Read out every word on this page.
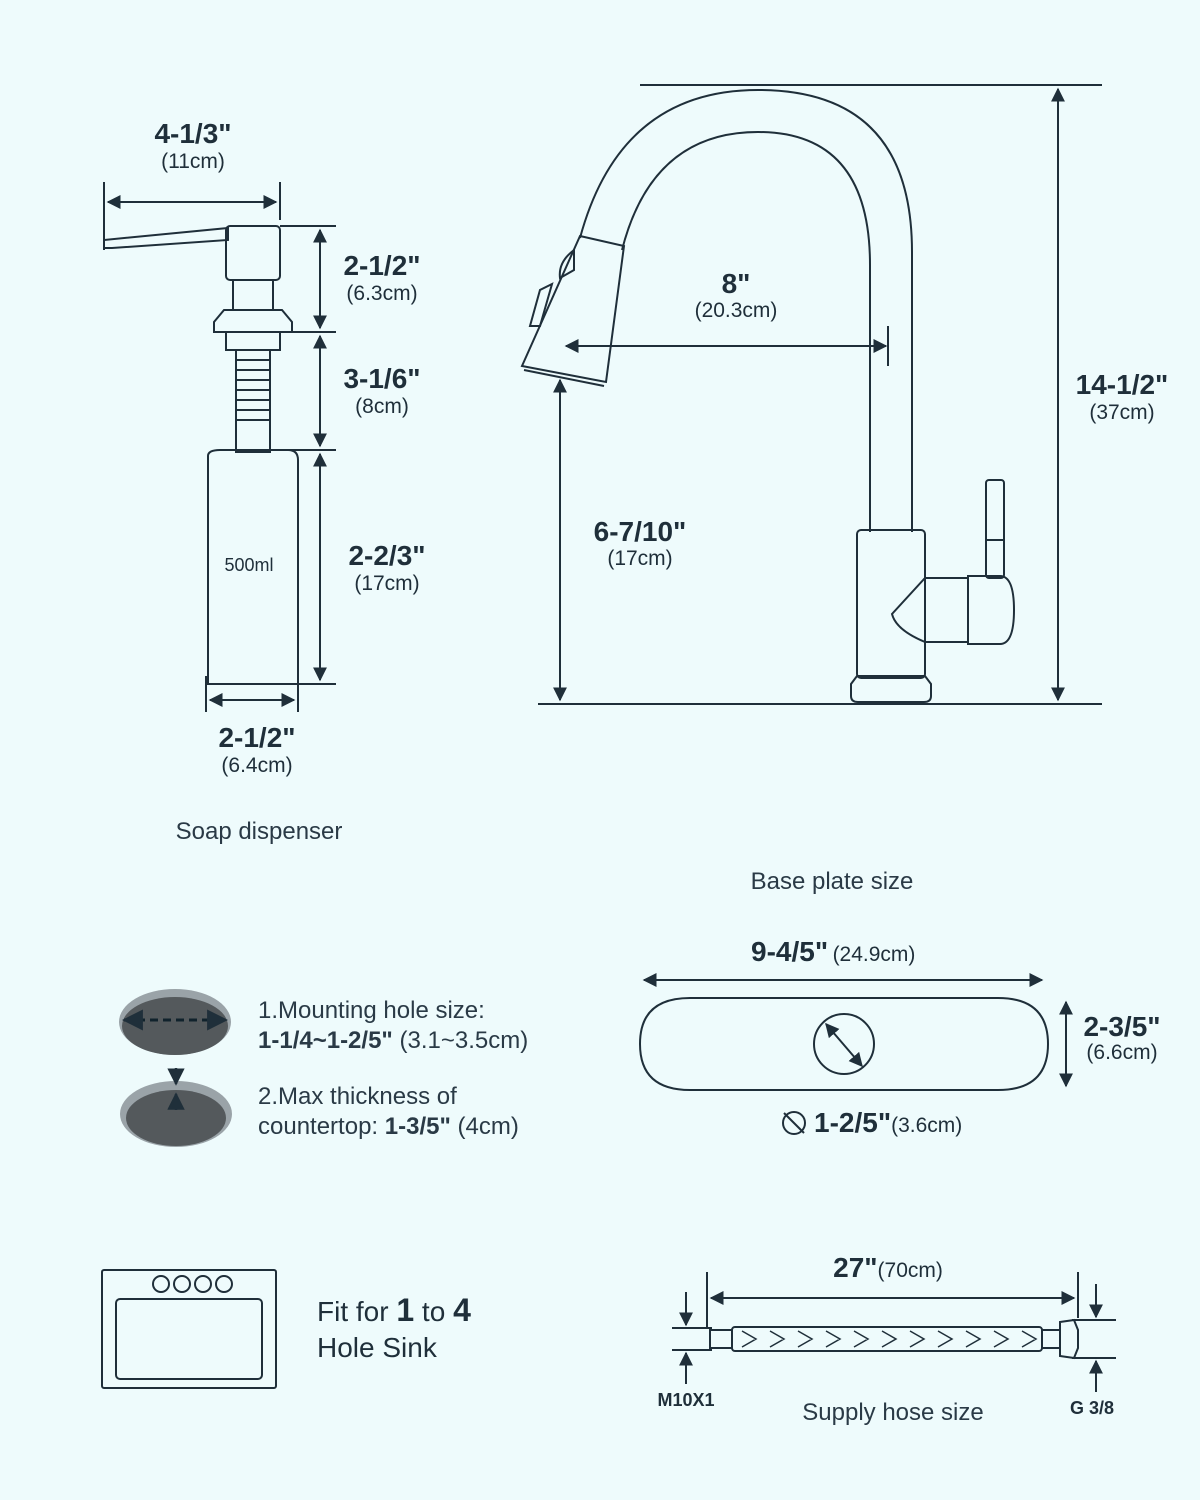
4-1/3"
(11cm)
2-1/2"
(6.3cm)
3-1/6"
(8cm)
2-2/3"
(17cm)
500ml
2-1/2"
(6.4cm)
Soap dispenser
8"
(20.3cm)
14-1/2"
(37cm)
6-7/10"
(17cm)
1.Mounting hole size:
1-1/4~1-2/5" (3.1~3.5cm)
2.Max thickness of
countertop: 1-3/5" (4cm)
Base plate size
9-4/5" (24.9cm)
2-3/5"
(6.6cm)
1-2/5"(3.6cm)
Fit for 1 to 4
Hole Sink
27"(70cm)
M10X1	G 3/8
Supply hose size
